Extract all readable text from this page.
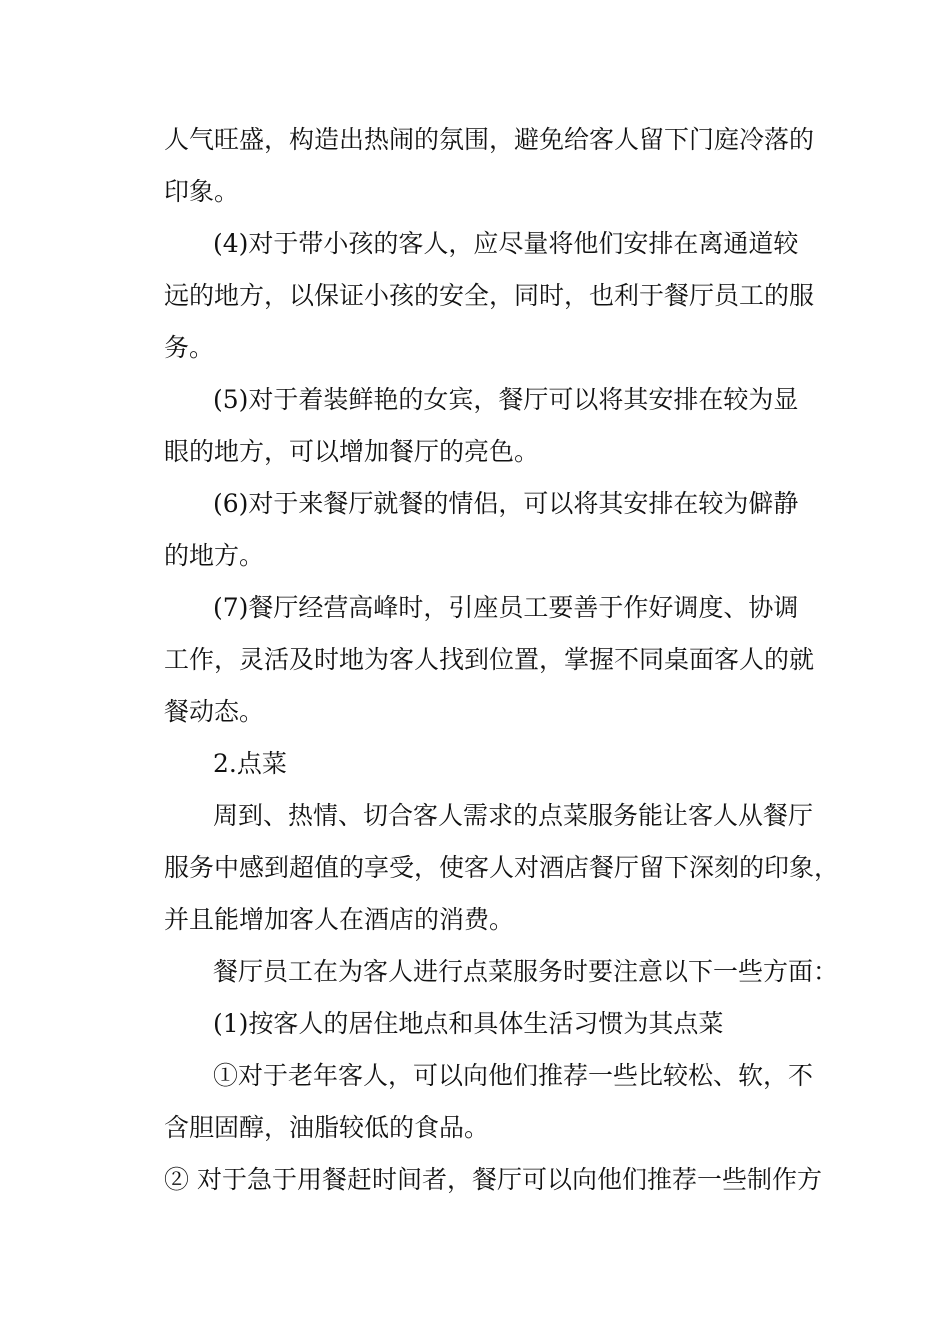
人气旺盛，构造出热闹的氛围，避免给客人留下门庭冷落的
印象。
(4)对于带小孩的客人，应尽量将他们安排在离通道较
远的地方，以保证小孩的安全，同时，也利于餐厅员工的服
务。
(5)对于着装鲜艳的女宾，餐厅可以将其安排在较为显
眼的地方，可以增加餐厅的亮色。
(6)对于来餐厅就餐的情侣，可以将其安排在较为僻静
的地方。
(7)餐厅经营高峰时，引座员工要善于作好调度、协调
工作，灵活及时地为客人找到位置，掌握不同桌面客人的就
餐动态。
2.点菜
周到、热情、切合客人需求的点菜服务能让客人从餐厅
服务中感到超值的享受，使客人对酒店餐厅留下深刻的印象，
并且能增加客人在酒店的消费。
餐厅员工在为客人进行点菜服务时要注意以下一些方面：
(1)按客人的居住地点和具体生活习惯为其点菜
①对于老年客人，可以向他们推荐一些比较松、软，不
含胆固醇，油脂较低的食品。
② 对于急于用餐赶时间者，餐厅可以向他们推荐一些制作方
